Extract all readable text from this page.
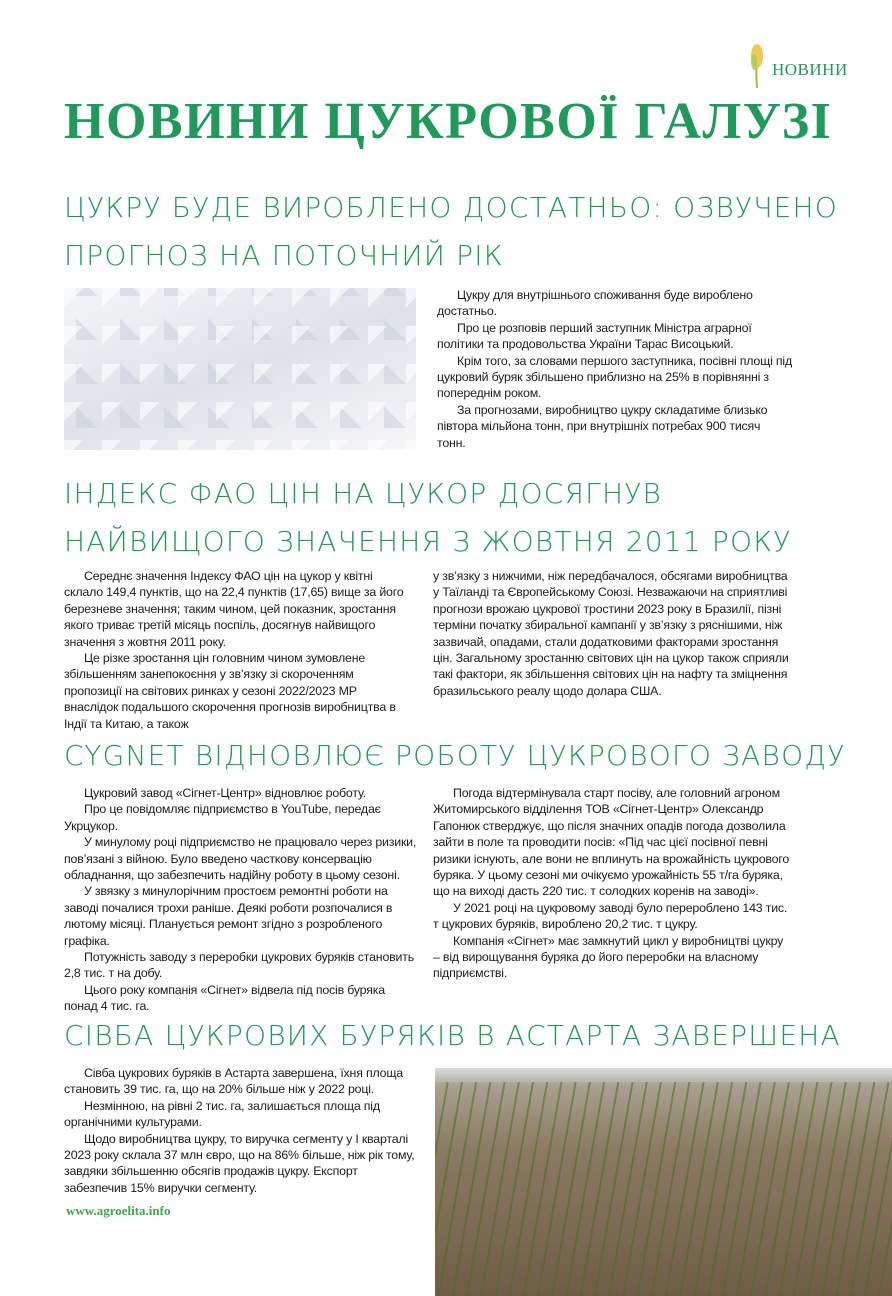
НОВИНИ
НОВИНИ ЦУКРОВОЇ ГАЛУЗІ
ЦУКРУ БУДЕ ВИРОБЛЕНО ДОСТАТНЬО: ОЗВУЧЕНО
ПРОГНОЗ НА ПОТОЧНИЙ РІК

Цукру для внутрішнього споживання буде вироблено достатньо.

Про це розповів перший заступник Міністра аграрної політики та продовольства України Тарас Висоцький.

Крім того, за словами першого заступника, посівні площі під цукровий буряк збільшено приблизно на 25% в порівнянні з попереднім роком.

За прогнозами, виробництво цукру складатиме близько півтора мільйона тонн, при внутрішніх потребах 900 тисяч тонн.

ІНДЕКС ФАО ЦІН НА ЦУКОР ДОСЯГНУВ
НАЙВИЩОГО ЗНАЧЕННЯ З ЖОВТНЯ 2011 РОКУ

Середнє значення Індексу ФАО цін на цукор у квітні склало 149,4 пунктів, що на 22,4 пунктів (17,65) вище за його березневе значення; таким чином, цей показник, зростання якого триває третій місяць поспіль, досягнув найвищого значення з жовтня 2011 року.

Це різке зростання цін головним чином зумовлене збільшенням занепокоєння у зв’язку зі скороченням пропозиції на світових ринках у сезоні 2022/2023 МР внаслідок подальшого скорочення прогнозів виробництва в Індії та Китаю, а також

у зв’язку з нижчими, ніж передбачалося, обсягами виробництва у Таїланді та Європейському Союзі. Незважаючи на сприятливі прогнози врожаю цукрової тростини 2023 року в Бразилії, пізні терміни початку збиральної кампанії у зв’язку з ряснішими, ніж зазвичай, опадами, стали додатковими факторами зростання цін. Загальному зростанню світових цін на цукор також сприяли такі фактори, як збільшення світових цін на нафту та зміцнення бразильського реалу щодо долара США.

CYGNET ВІДНОВЛЮЄ РОБОТУ ЦУКРОВОГО ЗАВОДУ

Цукровий завод «Сігнет-Центр» відновлює роботу.

Про це повідомляє підприємство в YouTube, передає Укрцукор.

У минулому році підприємство не працювало через ризики, пов’язані з війною. Було введено часткову консервацію обладнання, що забезпечить надійну роботу в цьому сезоні.

У звязку з минулорічним простоєм ремонтні роботи на заводі почалися трохи раніше. Деякі роботи розпочалися в лютому місяці. Планується ремонт згідно з розробленого графіка.

Потужність заводу з переробки цукрових буряків становить 2,8 тис. т на добу.

Цього року компанія «Сігнет» відвела під посів буряка понад 4 тис. га.

Погода відтермінувала старт посіву, але головний агроном Житомирського відділення ТОВ «Сігнет-Центр» Олександр Гапонюк стверджує, що після значних опадів погода дозволила зайти в поле та проводити посів: «Під час цієї посівної певні ризики існують, але вони не вплинуть на врожайність цукрового буряка. У цьому сезоні ми очікуємо урожайність 55 т/га буряка, що на виході дасть 220 тис. т солодких коренів на заводі».

У 2021 році на цукровому заводі було перероблено 143 тис. т цукрових буряків, вироблено 20,2 тис. т цукру.

Компанія «Сігнет» має замкнутий цикл у виробництві цукру – від вирощування буряка до його переробки на власному підприємстві.

СІВБА ЦУКРОВИХ БУРЯКІВ В АСТАРТА ЗАВЕРШЕНА

Сівба цукрових буряків в Астарта завершена, їхня площа становить 39 тис. га, що на 20% більше ніж у 2022 році.

Незмінною, на рівні 2 тис. га, залишається площа під органічними культурами.

Щодо виробництва цукру, то виручка сегменту у І кварталі 2023 року склала 37 млн євро, що на 86% більше, ніж рік тому, завдяки збільшенню обсягів продажів цукру. Експорт забезпечив 15% виручки сегменту.

www.agroelita.info
